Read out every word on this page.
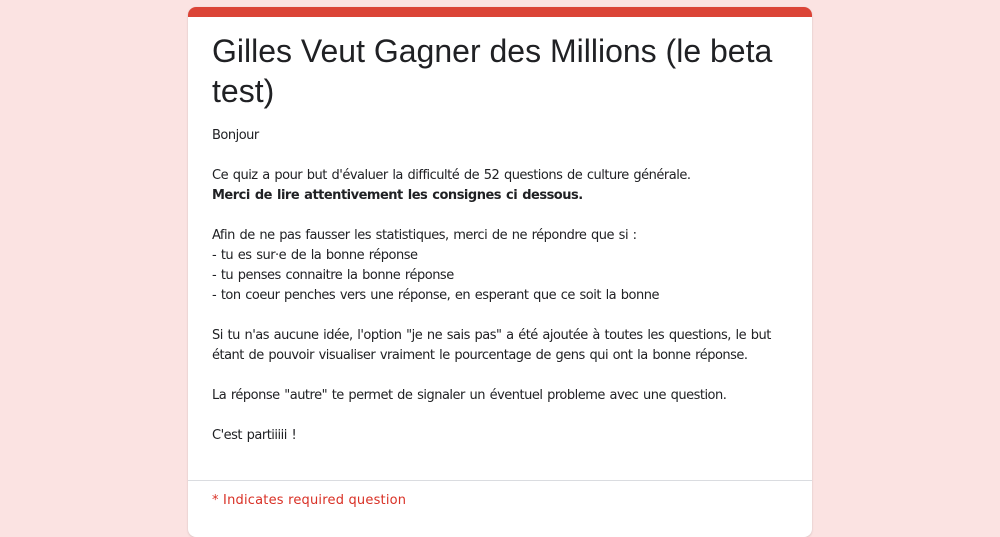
Gilles Veut Gagner des Millions (le beta test)

Bonjour

Ce quiz a pour but d'évaluer la difficulté de 52 questions de culture générale.

Merci de lire attentivement les consignes ci dessous.

Afin de ne pas fausser les statistiques, merci de ne répondre que si :

- tu es sur·e de la bonne réponse

- tu penses connaitre la bonne réponse

- ton coeur penches vers une réponse, en esperant que ce soit la bonne

Si tu n'as aucune idée, l'option "je ne sais pas" a été ajoutée à toutes les questions, le but

étant de pouvoir visualiser vraiment le pourcentage de gens qui ont la bonne réponse.

La réponse "autre" te permet de signaler un éventuel probleme avec une question.

C'est partiiiii !

* Indicates required question
